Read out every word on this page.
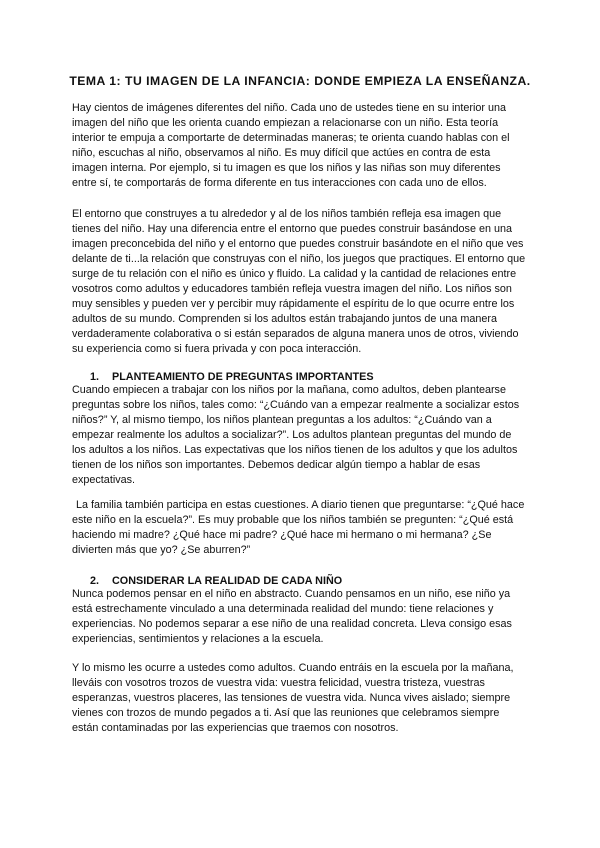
TEMA 1: TU IMAGEN DE LA INFANCIA: DONDE EMPIEZA LA ENSEÑANZA.

Hay cientos de imágenes diferentes del niño. Cada uno de ustedes tiene en su interior una imagen del niño que les orienta cuando empiezan a relacionarse con un niño. Esta teoría interior te empuja a comportarte de determinadas maneras; te orienta cuando hablas con el niño, escuchas al niño, observamos al niño. Es muy difícil que actúes en contra de esta imagen interna. Por ejemplo, si tu imagen es que los niños y las niñas son muy diferentes entre sí, te comportarás de forma diferente en tus interacciones con cada uno de ellos.

El entorno que construyes a tu alrededor y al de los niños también refleja esa imagen que tienes del niño. Hay una diferencia entre el entorno que puedes construir basándose en una imagen preconcebida del niño y el entorno que puedes construir basándote en el niño que ves delante de ti...la relación que construyas con el niño, los juegos que practiques. El entorno que surge de tu relación con el niño es único y fluido. La calidad y la cantidad de relaciones entre vosotros como adultos y educadores también refleja vuestra imagen del niño. Los niños son muy sensibles y pueden ver y percibir muy rápidamente el espíritu de lo que ocurre entre los adultos de su mundo. Comprenden si los adultos están trabajando juntos de una manera verdaderamente colaborativa o si están separados de alguna manera unos de otros, viviendo su experiencia como si fuera privada y con poca interacción.

1. PLANTEAMIENTO DE PREGUNTAS IMPORTANTES

Cuando empiecen a trabajar con los niños por la mañana, como adultos, deben plantearse preguntas sobre los niños, tales como: “¿Cuándo van a empezar realmente a socializar estos niños?” Y, al mismo tiempo, los niños plantean preguntas a los adultos: “¿Cuándo van a empezar realmente los adultos a socializar?”. Los adultos plantean preguntas del mundo de los adultos a los niños. Las expectativas que los niños tienen de los adultos y que los adultos tienen de los niños son importantes. Debemos dedicar algún tiempo a hablar de esas expectativas.

La familia también participa en estas cuestiones. A diario tienen que preguntarse: “¿Qué hace este niño en la escuela?”. Es muy probable que los niños también se pregunten: “¿Qué está haciendo mi madre? ¿Qué hace mi padre? ¿Qué hace mi hermano o mi hermana? ¿Se divierten más que yo? ¿Se aburren?”

2. CONSIDERAR LA REALIDAD DE CADA NIÑO

Nunca podemos pensar en el niño en abstracto. Cuando pensamos en un niño, ese niño ya está estrechamente vinculado a una determinada realidad del mundo: tiene relaciones y experiencias. No podemos separar a ese niño de una realidad concreta. Lleva consigo esas experiencias, sentimientos y relaciones a la escuela.

Y lo mismo les ocurre a ustedes como adultos. Cuando entráis en la escuela por la mañana, lleváis con vosotros trozos de vuestra vida: vuestra felicidad, vuestra tristeza, vuestras esperanzas, vuestros placeres, las tensiones de vuestra vida. Nunca vives aislado; siempre vienes con trozos de mundo pegados a ti. Así que las reuniones que celebramos siempre están contaminadas por las experiencias que traemos con nosotros.
